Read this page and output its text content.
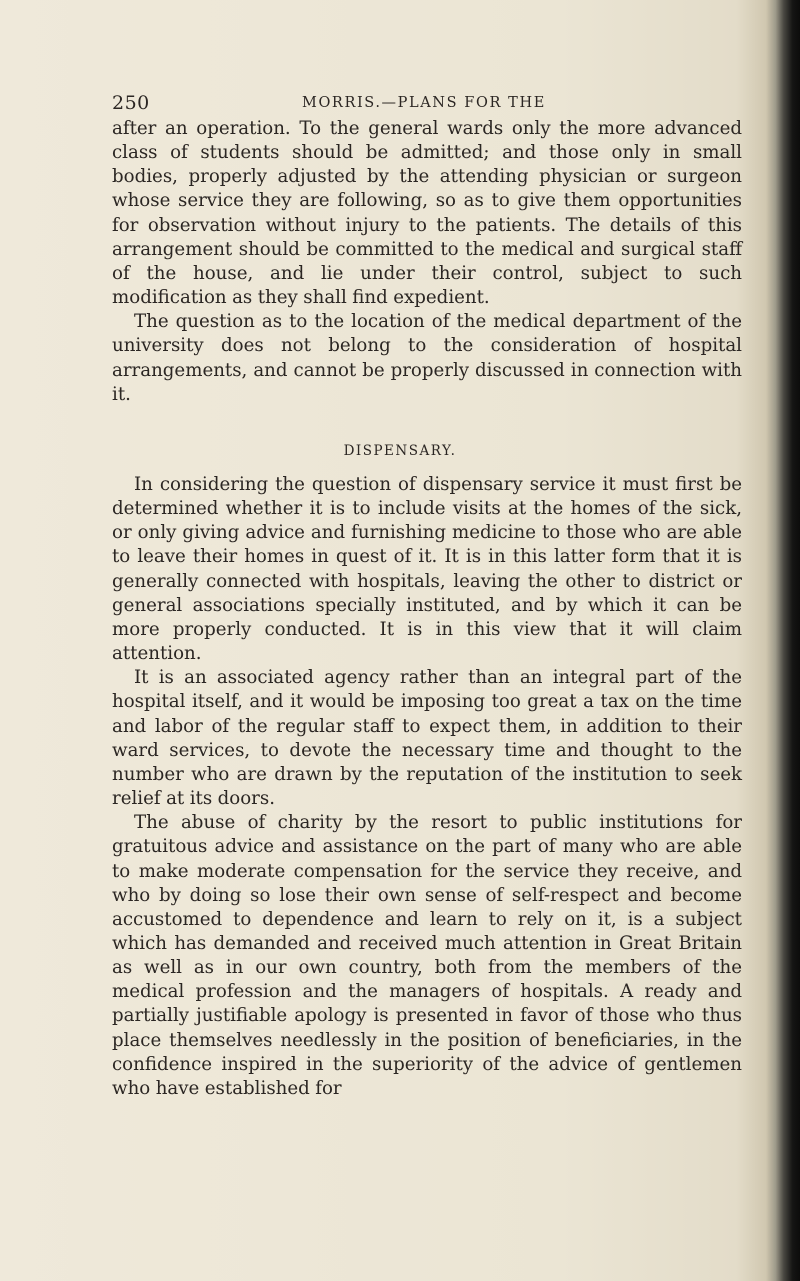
250	MORRIS.—PLANS FOR THE

after an operation. To the general wards only the more advanced class of students should be admitted; and those only in small bodies, properly adjusted by the attending physician or surgeon whose service they are following, so as to give them opportunities for observation without injury to the patients. The details of this arrangement should be committed to the medical and surgical staff of the house, and lie under their control, subject to such modification as they shall find expedient.

The question as to the location of the medical department of the university does not belong to the consideration of hospital arrangements, and cannot be properly discussed in connection with it.

DISPENSARY.

In considering the question of dispensary service it must first be determined whether it is to include visits at the homes of the sick, or only giving advice and furnishing medicine to those who are able to leave their homes in quest of it. It is in this latter form that it is generally connected with hospitals, leaving the other to district or general associations specially instituted, and by which it can be more properly conducted. It is in this view that it will claim attention.

It is an associated agency rather than an integral part of the hospital itself, and it would be imposing too great a tax on the time and labor of the regular staff to expect them, in addition to their ward services, to devote the necessary time and thought to the number who are drawn by the reputation of the institution to seek relief at its doors.

The abuse of charity by the resort to public institutions for gratuitous advice and assistance on the part of many who are able to make moderate compensation for the service they receive, and who by doing so lose their own sense of self-respect and become accustomed to dependence and learn to rely on it, is a subject which has demanded and received much attention in Great Britain as well as in our own country, both from the members of the medical profession and the managers of hospitals. A ready and partially justifiable apology is presented in favor of those who thus place themselves needlessly in the position of beneficiaries, in the confidence inspired in the superiority of the advice of gentlemen who have established for
